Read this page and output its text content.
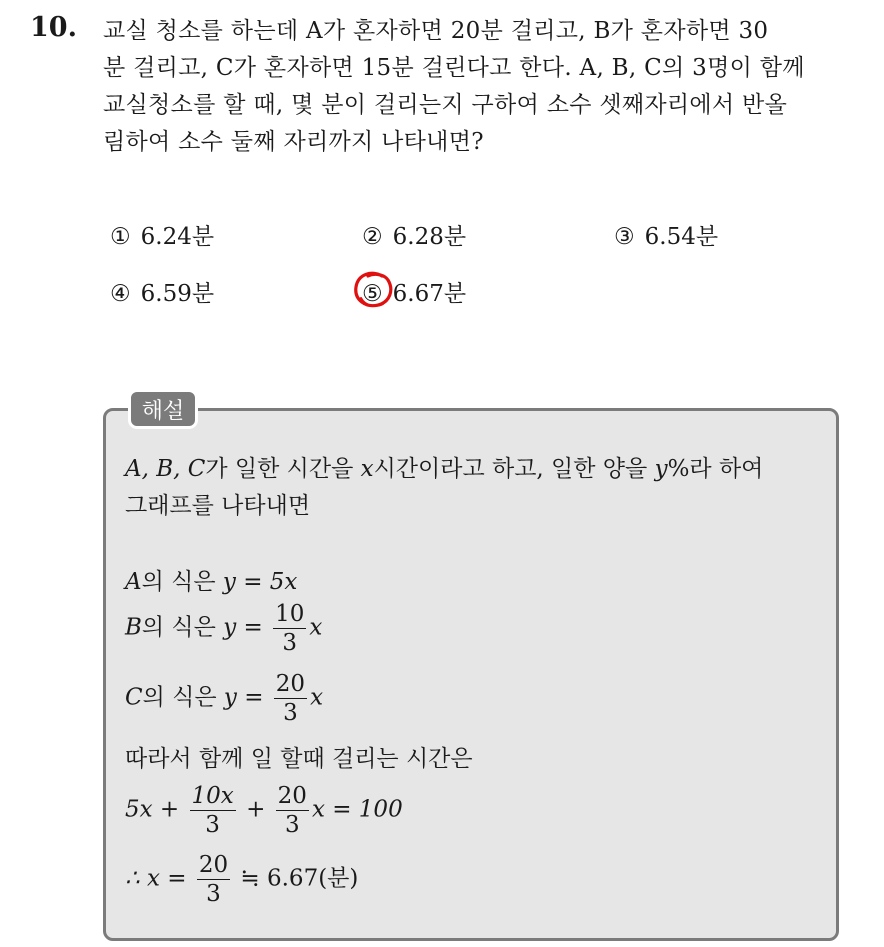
10. 교실 청소를 하는데 A가 혼자하면 20분 걸리고, B가 혼자하면 30
분 걸리고, C가 혼자하면 15분 걸린다고 한다. A, B, C의 3명이 함께
교실청소를 할 때, 몇 분이 걸리는지 구하여 소수 셋째자리에서 반올
림하여 소수 둘째 자리까지 나타내면?
① 6.24분	② 6.28분	③ 6.54분
④ 6.59분	⑤ 6.67분
해설
A, B, C가 일한 시간을 x시간이라고 하고, 일한 양을 y%라 하여
그래프를 나타내면
A의 식은 y = 5x
B의 식은 $y = \frac{10}{3}$ x
C의 식은 $y = \frac{20}{3}$ x
따라서 함께 일 할때 걸리는 시간은
$5x + \frac{10x}{3} + \frac{20}{3}$ x = 100
∴ $x = \frac{20}{3}$ ≒ 6.67(분)
